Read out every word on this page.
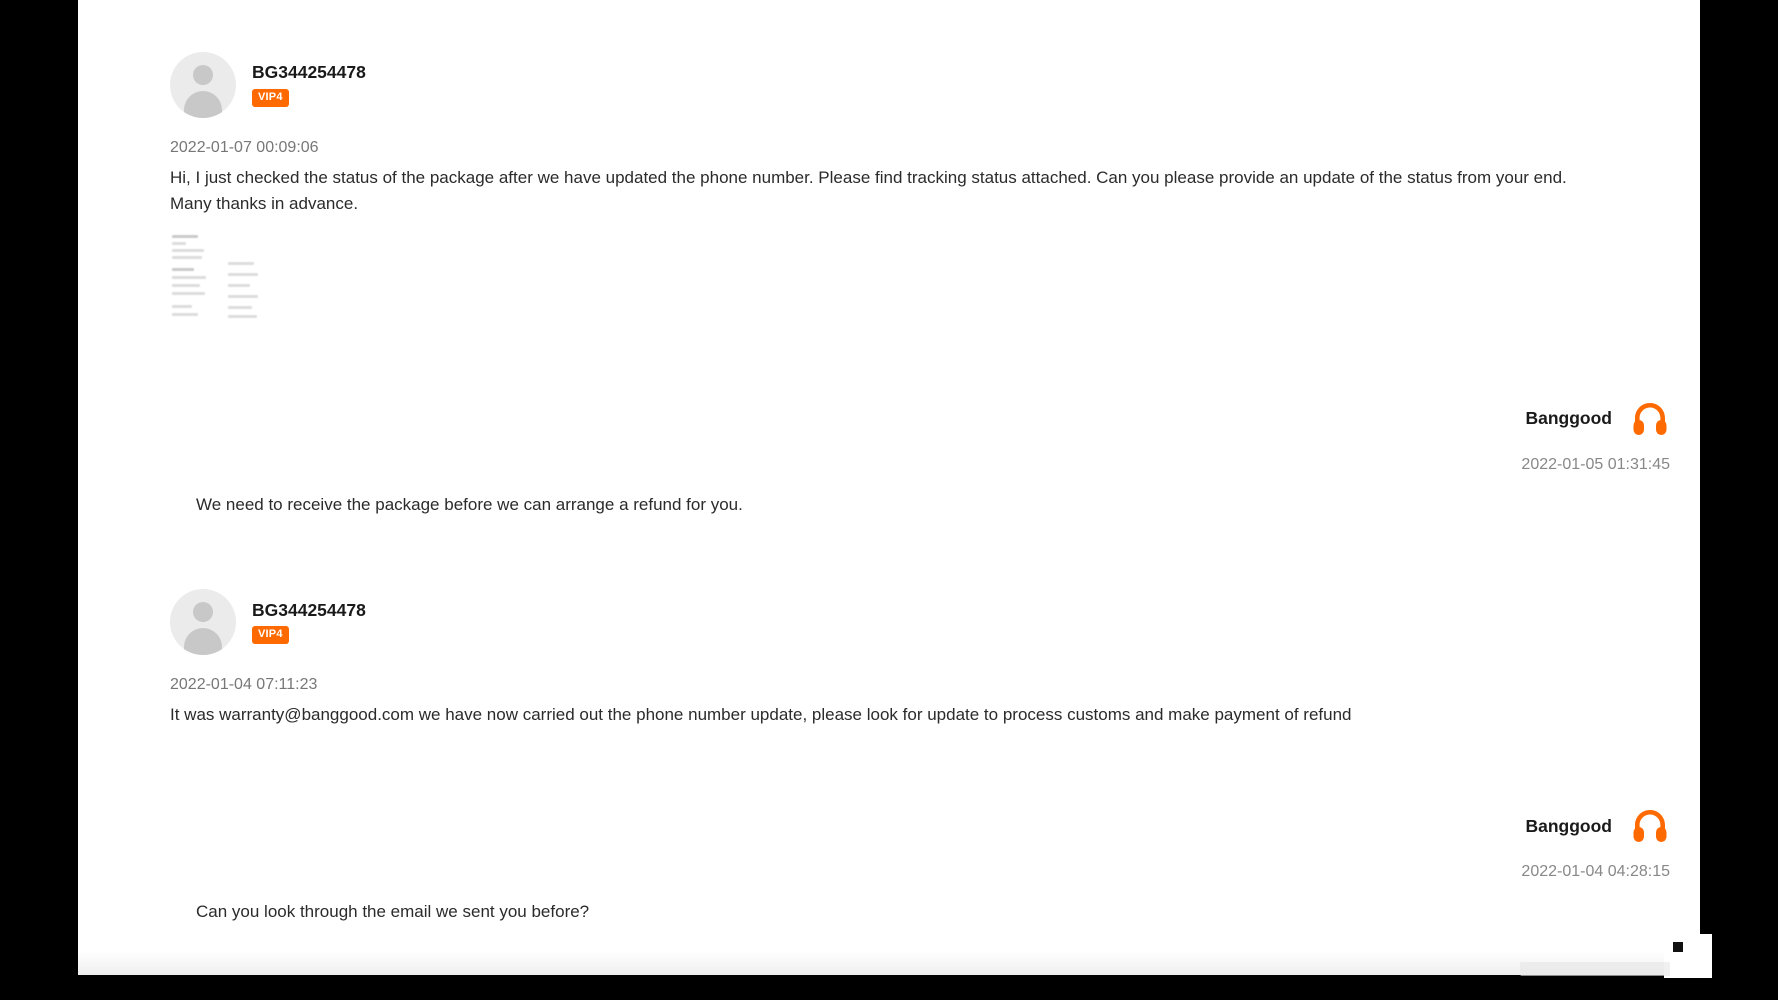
BG344254478
VIP4
2022-01-07 00:09:06
Hi, I just checked the status of the package after we have updated the phone number. Please find tracking status attached. Can you please provide an update of the status from your end. Many thanks in advance.
Banggood
2022-01-05 01:31:45
We need to receive the package before we can arrange a refund for you.
BG344254478
VIP4
2022-01-04 07:11:23
It was warranty@banggood.com we have now carried out the phone number update, please look for update to process customs and make payment of refund
Banggood
2022-01-04 04:28:15
Can you look through the email we sent you before?
